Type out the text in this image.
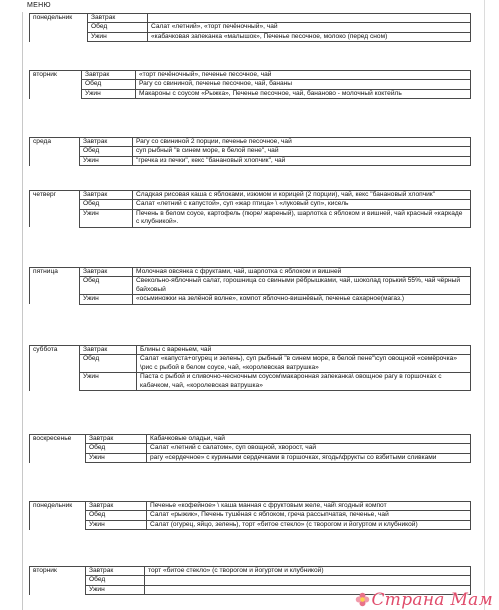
МЕНЮ
понедельник	Завтрак	
	Обед	Салат «летний», «торт печёночный», чай
	Ужин	«кабачковая запеканка «малышок», Печенье песочное, молоко (перед сном)
вторник	Завтрак	«торт печёночный», печенье песочное, чай
	Обед	Рагу со свининой, печенье песочное, чай, бананы
	Ужин	Макароны с соусом «Рыжка», Печенье песочное, чай, бананово - молочный коктейль
среда	Завтрак	Рагу со свининой 2 порции, печенье песочное, чай
	Обед	суп рыбный "в синем море, в белой пене", чай
	Ужин	"гречка из печки", кекс "банановый хлопчик", чай
четверг	Завтрак	Сладкая рисовая каша с яблоками, изюмом и корицей (2 порции), чай, кекс "банановый хлопчик"
	Обед	Салат «летний с капустой», суп «жар птица» \ «луковый суп», кисель
	Ужин	Печень в белом соусе, картофель (пюре/ жареный), шарлотка с яблоком и вишней, чай красный «каркаде с клубникой».
пятница	Завтрак	Молочная овсянка с фруктами, чай, шарлотка с яблоком и вишней
	Обед	Свекольно-яблочный салат, горошница со свиными рёбрышками, чай, шоколад горький 55%, чай чёрный байховый
	Ужин	«осьминожки на зелёной волне», компот яблочно-вишнёвый, печенье сахарное(магаз.)
суббота	Завтрак	Блины с вареньем, чай
	Обед	Салат «капуста+огурец и зелень), суп рыбный "в синем море, в белой пене"\суп овощной «семёрочка» \рис с рыбой в белом соусе, чай, «королевская ватрушка»
	Ужин	Паста с рыбой и сливочно-чесночным соусом\макаронная запеканка\ овощное рагу в горшочках с кабачком, чай, «королевская ватрушка»
воскресенье	Завтрак	Кабачковые оладьи, чай
	Обед	Салат «летний с салатом», суп овощной, хворост, чай
	Ужин	рагу «сердечное» с куриными сердечками в горшочках, ягоды\фрукты со взбитыми сливками
понедельник	Завтрак	Печенье «кофейное» \ каша манная с фруктовым желе, чай\ ягодный компот
	Обед	Салат «рыжик», Печень тушёная с яблоком, греча рассыпчатая, печенье, чай
	Ужин	Салат (огурец, яйцо, зелень), торт «битое стекло» (с творогом и йогуртом и клубникой)
вторник	Завтрак	торт «битое стекло» (с творогом и йогуртом и клубникой)
	Обед	
	Ужин	
Страна Мам
